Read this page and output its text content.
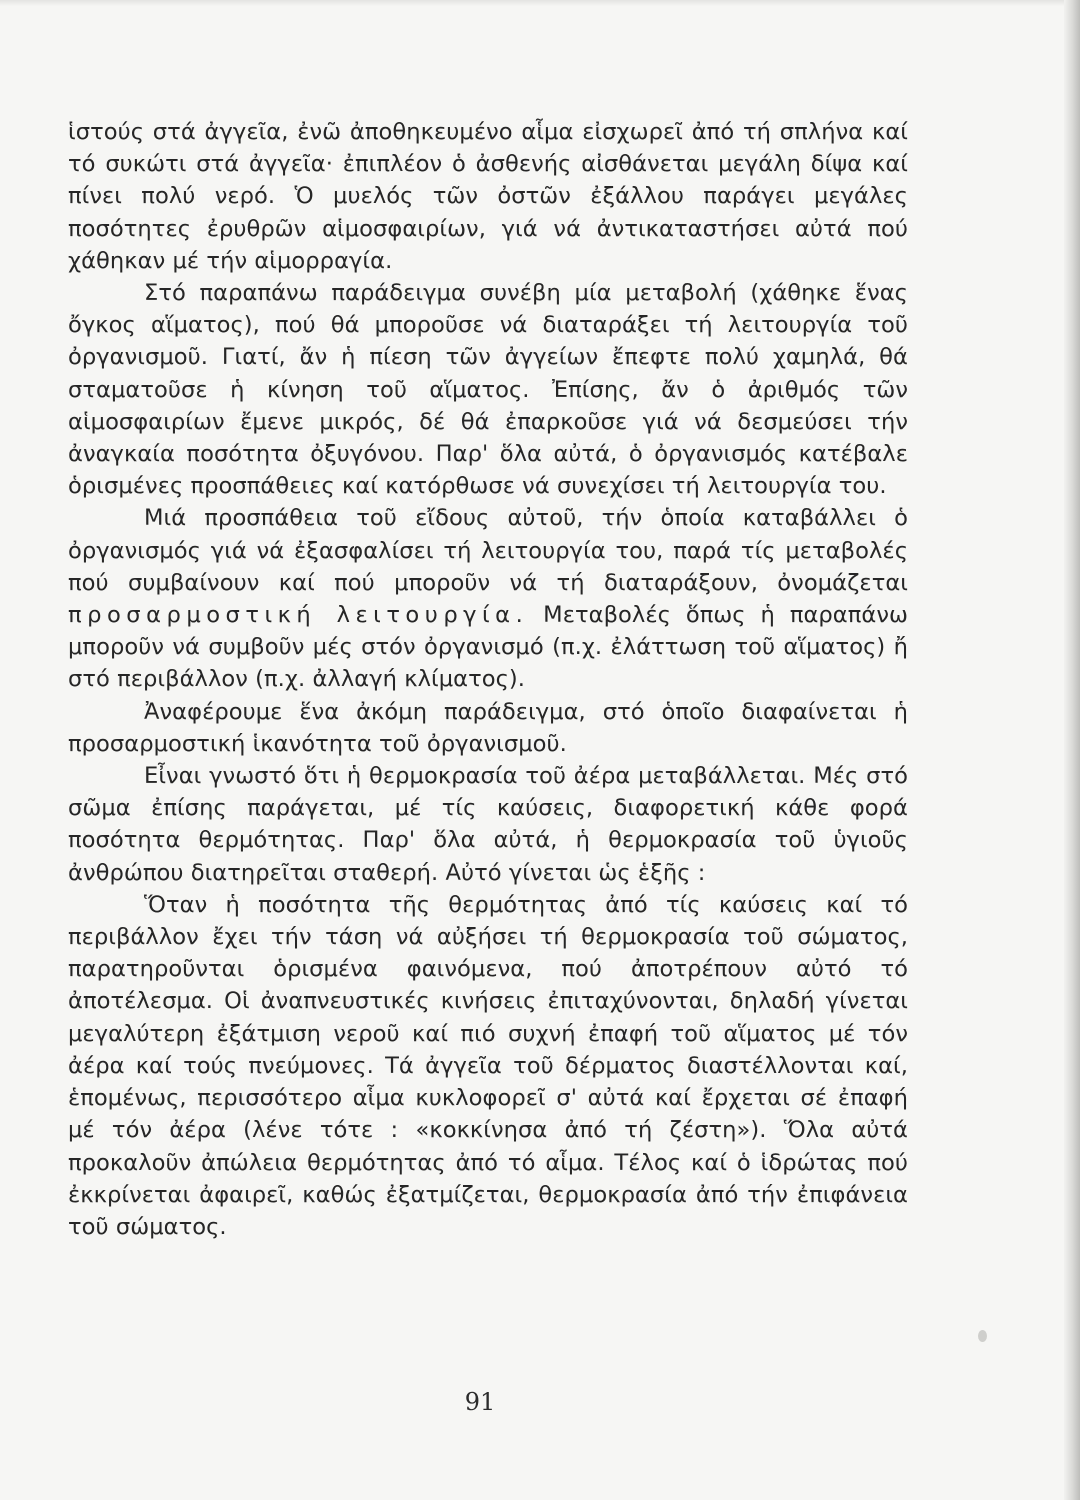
ἱστούς στά ἀγγεῖα, ἐνῶ ἀποθηκευμένο αἷμα εἰσχωρεῖ ἀπό τή σπλήνα καί τό συκώτι στά ἀγγεῖα· ἐπιπλέον ὁ ἀσθενής αἰσθάνεται μεγάλη δίψα καί πίνει πολύ νερό. Ὁ μυελός τῶν ὀστῶν ἐξάλλου παράγει μεγάλες ποσότητες ἐρυθρῶν αἱμοσφαιρίων, γιά νά ἀντικαταστήσει αὐτά πού χάθηκαν μέ τήν αἱμορραγία.

Στό παραπάνω παράδειγμα συνέβη μία μεταβολή (χάθηκε ἕνας ὄγκος αἵματος), πού θά μποροῦσε νά διαταράξει τή λειτουργία τοῦ ὀργανισμοῦ. Γιατί, ἄν ἡ πίεση τῶν ἀγγείων ἔπεφτε πολύ χαμηλά, θά σταματοῦσε ἡ κίνηση τοῦ αἵματος. Ἐπίσης, ἄν ὁ ἀριθμός τῶν αἱμοσφαιρίων ἔμενε μικρός, δέ θά ἐπαρκοῦσε γιά νά δεσμεύσει τήν ἀναγκαία ποσότητα ὀξυγόνου. Παρ' ὅλα αὐτά, ὁ ὀργανισμός κατέβαλε ὁρισμένες προσπάθειες καί κατόρθωσε νά συνεχίσει τή λειτουργία του.

Μιά προσπάθεια τοῦ εἴδους αὐτοῦ, τήν ὁποία καταβάλλει ὁ ὀργανισμός γιά νά ἐξασφαλίσει τή λειτουργία του, παρά τίς μεταβολές πού συμβαίνουν καί πού μποροῦν νά τή διαταράξουν, ὀνομάζεται προσαρμοστική λειτουργία. Μεταβολές ὅπως ἡ παραπάνω μποροῦν νά συμβοῦν μές στόν ὀργανισμό (π.χ. ἐλάττωση τοῦ αἵματος) ἤ στό περιβάλλον (π.χ. ἀλλαγή κλίματος).

Ἀναφέρουμε ἕνα ἀκόμη παράδειγμα, στό ὁποῖο διαφαίνεται ἡ προσαρμοστική ἱκανότητα τοῦ ὀργανισμοῦ.

Εἶναι γνωστό ὅτι ἡ θερμοκρασία τοῦ ἀέρα μεταβάλλεται. Μές στό σῶμα ἐπίσης παράγεται, μέ τίς καύσεις, διαφορετική κάθε φορά ποσότητα θερμότητας. Παρ' ὅλα αὐτά, ἡ θερμοκρασία τοῦ ὑγιοῦς ἀνθρώπου διατηρεῖται σταθερή. Αὐτό γίνεται ὡς ἑξῆς :

Ὅταν ἡ ποσότητα τῆς θερμότητας ἀπό τίς καύσεις καί τό περιβάλλον ἔχει τήν τάση νά αὐξήσει τή θερμοκρασία τοῦ σώματος, παρατηροῦνται ὁρισμένα φαινόμενα, πού ἀποτρέπουν αὐτό τό ἀποτέλεσμα. Οἱ ἀναπνευστικές κινήσεις ἐπιταχύνονται, δηλαδή γίνεται μεγαλύτερη ἐξάτμιση νεροῦ καί πιό συχνή ἐπαφή τοῦ αἵματος μέ τόν ἀέρα καί τούς πνεύμονες. Τά ἀγγεῖα τοῦ δέρματος διαστέλλονται καί, ἑπομένως, περισσότερο αἷμα κυκλοφορεῖ σ' αὐτά καί ἔρχεται σέ ἐπαφή μέ τόν ἀέρα (λένε τότε : «κοκκίνησα ἀπό τή ζέστη»). Ὅλα αὐτά προκαλοῦν ἀπώλεια θερμότητας ἀπό τό αἷμα. Τέλος καί ὁ ἱδρώτας πού ἐκκρίνεται ἀφαιρεῖ, καθώς ἐξατμίζεται, θερμοκρασία ἀπό τήν ἐπιφάνεια τοῦ σώματος.

91
